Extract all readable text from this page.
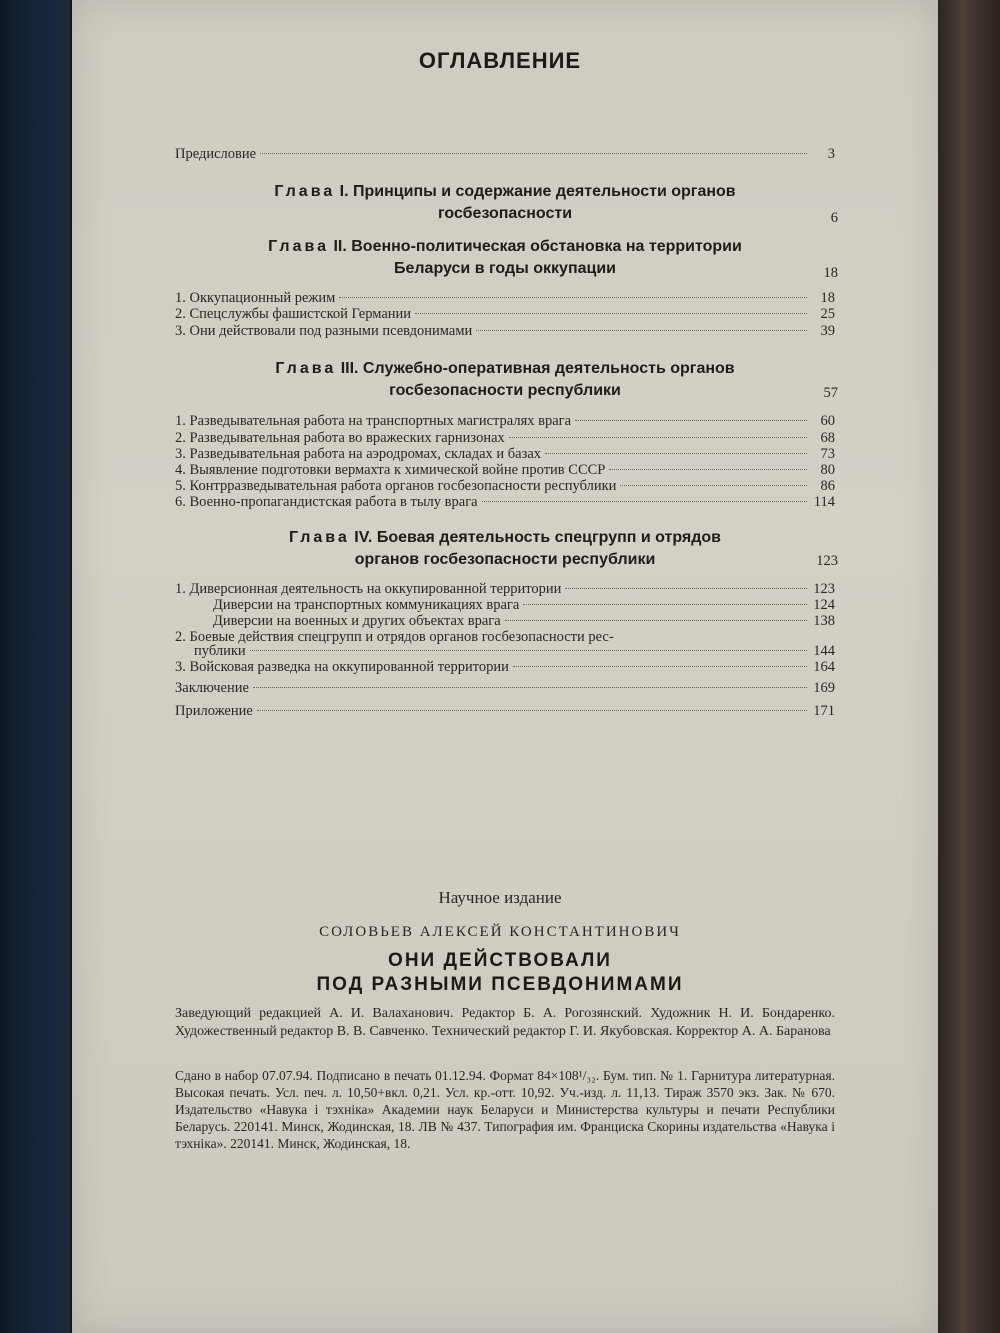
ОГЛАВЛЕНИЕ
Предисловие	3
Глава I. Принципы и содержание деятельности органов
госбезопасности	6
Глава II. Военно-политическая обстановка на территории
Беларуси в годы оккупации	18
1. Оккупационный режим	18
2. Спецслужбы фашистской Германии	25
3. Они действовали под разными псевдонимами	39
Глава III. Служебно-оперативная деятельность органов
госбезопасности республики	57
1. Разведывательная работа на транспортных магистралях врага	60
2. Разведывательная работа во вражеских гарнизонах	68
3. Разведывательная работа на аэродромах, складах и базах	73
4. Выявление подготовки вермахта к химической войне против СССР	80
5. Контрразведывательная работа органов госбезопасности республики	86
6. Военно-пропагандистская работа в тылу врага	114
Глава IV. Боевая деятельность спецгрупп и отрядов
органов госбезопасности республики	123
1. Диверсионная деятельность на оккупированной территории	123
Диверсии на транспортных коммуникациях врага	124
Диверсии на военных и других объектах врага	138
2. Боевые действия спецгрупп и отрядов органов госбезопасности рес-
публики	144
3. Войсковая разведка на оккупированной территории	164
Заключение	169
Приложение	171
Научное издание
СОЛОВЬЕВ АЛЕКСЕЙ КОНСТАНТИНОВИЧ
ОНИ ДЕЙСТВОВАЛИ
ПОД РАЗНЫМИ ПСЕВДОНИМАМИ
Заведующий редакцией А. И. Валаханович. Редактор Б. А. Рогозянский. Художник Н. И. Бондаренко. Художественный редактор В. В. Савченко. Технический редактор Г. И. Якубовская. Корректор А. А. Баранова
Сдано в набор 07.07.94. Подписано в печать 01.12.94. Формат 84×108¹/₃₂. Бум. тип. № 1. Гарнитура литературная. Высокая печать. Усл. печ. л. 10,50+вкл. 0,21. Усл. кр.-отт. 10,92. Уч.-изд. л. 11,13. Тираж 3570 экз. Зак. № 670. Издательство «Навука і тэхніка» Академии наук Беларуси и Министерства культуры и печати Республики Беларусь. 220141. Минск, Жодинская, 18. ЛВ № 437. Типография им. Франциска Скорины издательства «Навука і тэхніка». 220141. Минск, Жодинская, 18.
